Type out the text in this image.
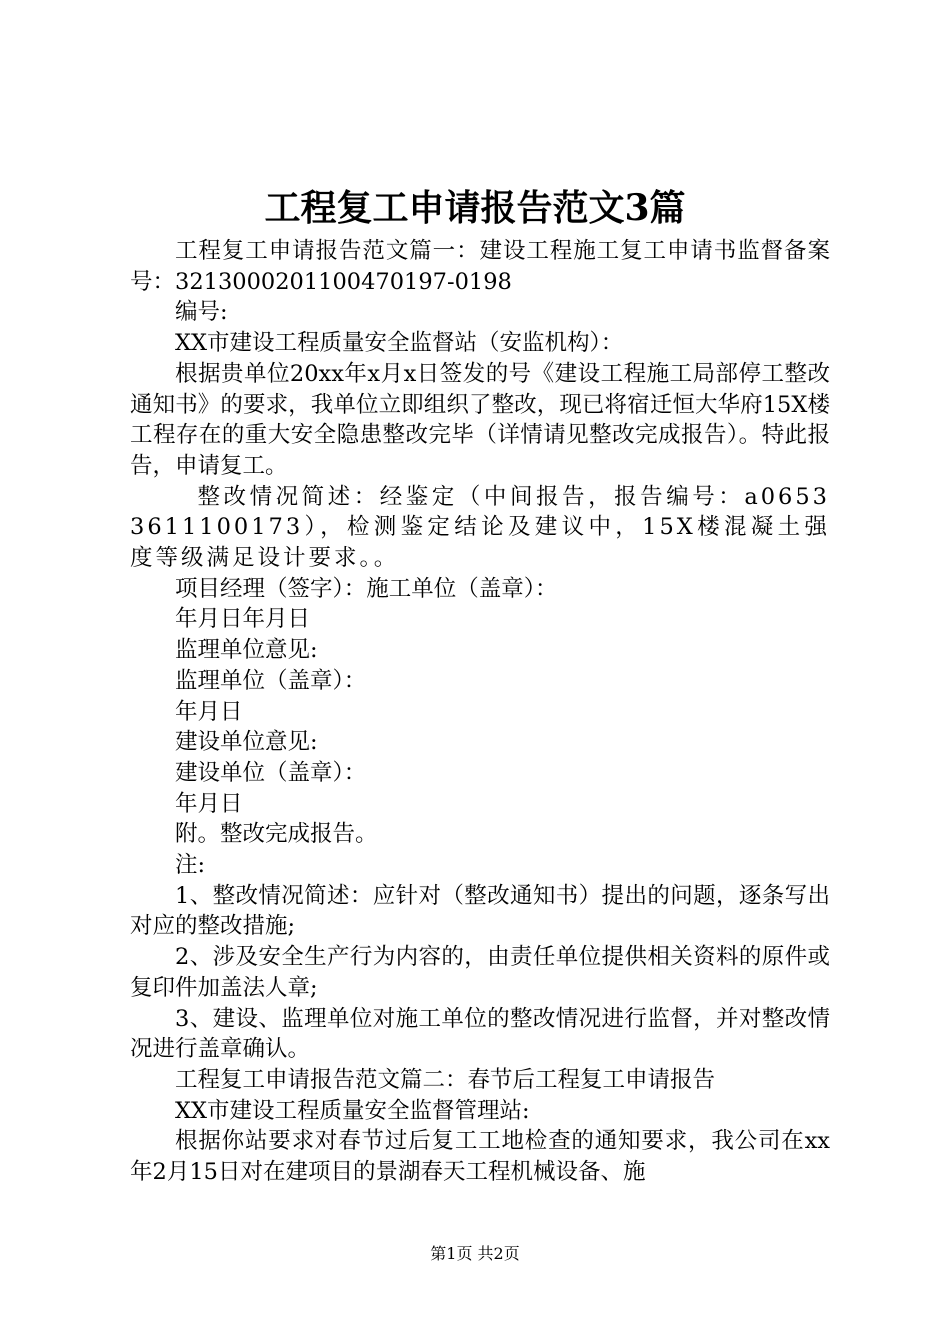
工程复工申请报告范文3篇

工程复工申请报告范文篇一：建设工程施工复工申请书监督备案号：3213000201100470197-0198

编号:

XX市建设工程质量安全监督站（安监机构）：

根据贵单位20xx年x月x日签发的号《建设工程施工局部停工整改通知书》的要求，我单位立即组织了整改，现已将宿迁恒大华府15X楼工程存在的重大安全隐患整改完毕（详情请见整改完成报告）。特此报告，申请复工。

整改情况简述：经鉴定（中间报告，报告编号：a06533611100173），检测鉴定结论及建议中，15X楼混凝土强度等级满足设计要求。。

项目经理（签字）：施工单位（盖章）：

年月日年月日

监理单位意见:

监理单位（盖章）：

年月日

建设单位意见:

建设单位（盖章）：

年月日

附。整改完成报告。

注:

1、整改情况简述：应针对（整改通知书）提出的问题，逐条写出对应的整改措施;

2、涉及安全生产行为内容的，由责任单位提供相关资料的原件或复印件加盖法人章;

3、建设、监理单位对施工单位的整改情况进行监督，并对整改情况进行盖章确认。

工程复工申请报告范文篇二：春节后工程复工申请报告

XX市建设工程质量安全监督管理站:

根据你站要求对春节过后复工工地检查的通知要求，我公司在xx年2月15日对在建项目的景湖春天工程机械设备、施

第1页 共2页
